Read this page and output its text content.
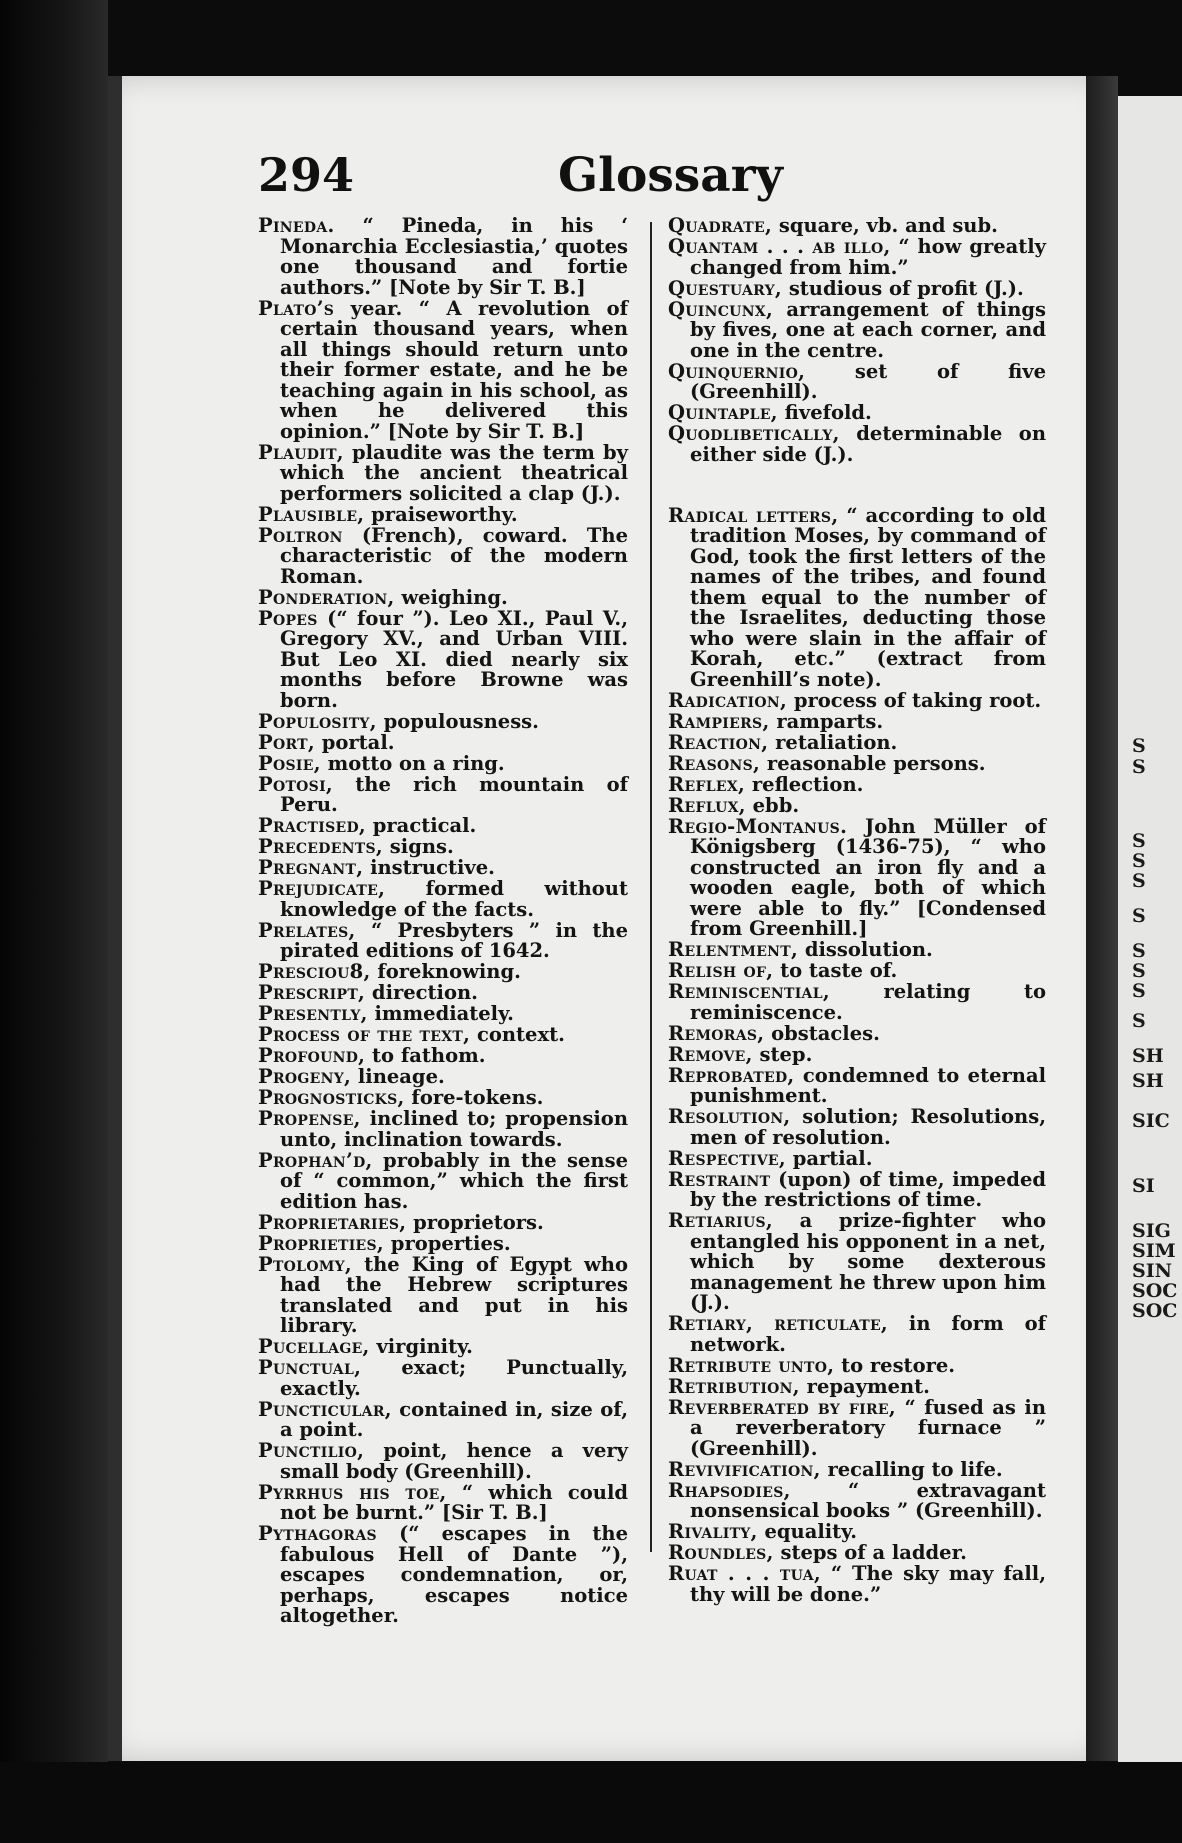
S
S
S
S
S
S
S
S
S
S
SH
SH
SIC
SI
SIG
SIM
SIN
SOC
SOC
294	Glossary

Pineda. “ Pineda, in his ‘ Monarchia Ecclesiastia,’ quotes one thousand and fortie authors.” [Note by Sir T. B.]

Plato’s year. “ A revolution of certain thousand years, when all things should return unto their former estate, and he be teaching again in his school, as when he delivered this opinion.” [Note by Sir T. B.]

Plaudit, plaudite was the term by which the ancient theatrical performers solicited a clap (J.).

Plausible, praiseworthy.

Poltron (French), coward. The characteristic of the modern Roman.

Ponderation, weighing.

Popes (“ four ”). Leo XI., Paul V., Gregory XV., and Urban VIII. But Leo XI. died nearly six months before Browne was born.

Populosity, populousness.

Port, portal.

Posie, motto on a ring.

Potosi, the rich mountain of Peru.

Practised, practical.

Precedents, signs.

Pregnant, instructive.

Prejudicate, formed without knowledge of the facts.

Prelates, “ Presbyters ” in the pirated editions of 1642.

Presciou8, foreknowing.

Prescript, direction.

Presently, immediately.

Process of the text, context.

Profound, to fathom.

Progeny, lineage.

Prognosticks, fore-tokens.

Propense, inclined to; propension unto, inclination towards.

Prophan’d, probably in the sense of “ common,” which the first edition has.

Proprietaries, proprietors.

Proprieties, properties.

Ptolomy, the King of Egypt who had the Hebrew scriptures translated and put in his library.

Pucellage, virginity.

Punctual, exact; Punctually, exactly.

Puncticular, contained in, size of, a point.

Punctilio, point, hence a very small body (Greenhill).

Pyrrhus his toe, “ which could not be burnt.” [Sir T. B.]

Pythagoras (“ escapes in the fabulous Hell of Dante ”), escapes condemnation, or, perhaps, escapes notice altogether.

Quadrate, square, vb. and sub.

Quantam . . . ab illo, “ how greatly changed from him.”

Questuary, studious of profit (J.).

Quincunx, arrangement of things by fives, one at each corner, and one in the centre.

Quinquernio, set of five (Greenhill).

Quintaple, fivefold.

Quodlibetically, determinable on either side (J.).

Radical letters, “ according to old tradition Moses, by command of God, took the first letters of the names of the tribes, and found them equal to the number of the Israelites, deducting those who were slain in the affair of Korah, etc.” (extract from Greenhill’s note).

Radication, process of taking root.

Rampiers, ramparts.

Reaction, retaliation.

Reasons, reasonable persons.

Reflex, reflection.

Reflux, ebb.

Regio-Montanus. John Müller of Königsberg (1436-75), “ who constructed an iron fly and a wooden eagle, both of which were able to fly.” [Condensed from Greenhill.]

Relentment, dissolution.

Relish of, to taste of.

Reminiscential, relating to reminiscence.

Remoras, obstacles.

Remove, step.

Reprobated, condemned to eternal punishment.

Resolution, solution; Resolutions, men of resolution.

Respective, partial.

Restraint (upon) of time, impeded by the restrictions of time.

Retiarius, a prize-fighter who entangled his opponent in a net, which by some dexterous management he threw upon him (J.).

Retiary, reticulate, in form of network.

Retribute unto, to restore.

Retribution, repayment.

Reverberated by fire, “ fused as in a reverberatory furnace ” (Greenhill).

Revivification, recalling to life.

Rhapsodies, “ extravagant nonsensical books ” (Greenhill).

Rivality, equality.

Roundles, steps of a ladder.

Ruat . . . tua, “ The sky may fall, thy will be done.”
